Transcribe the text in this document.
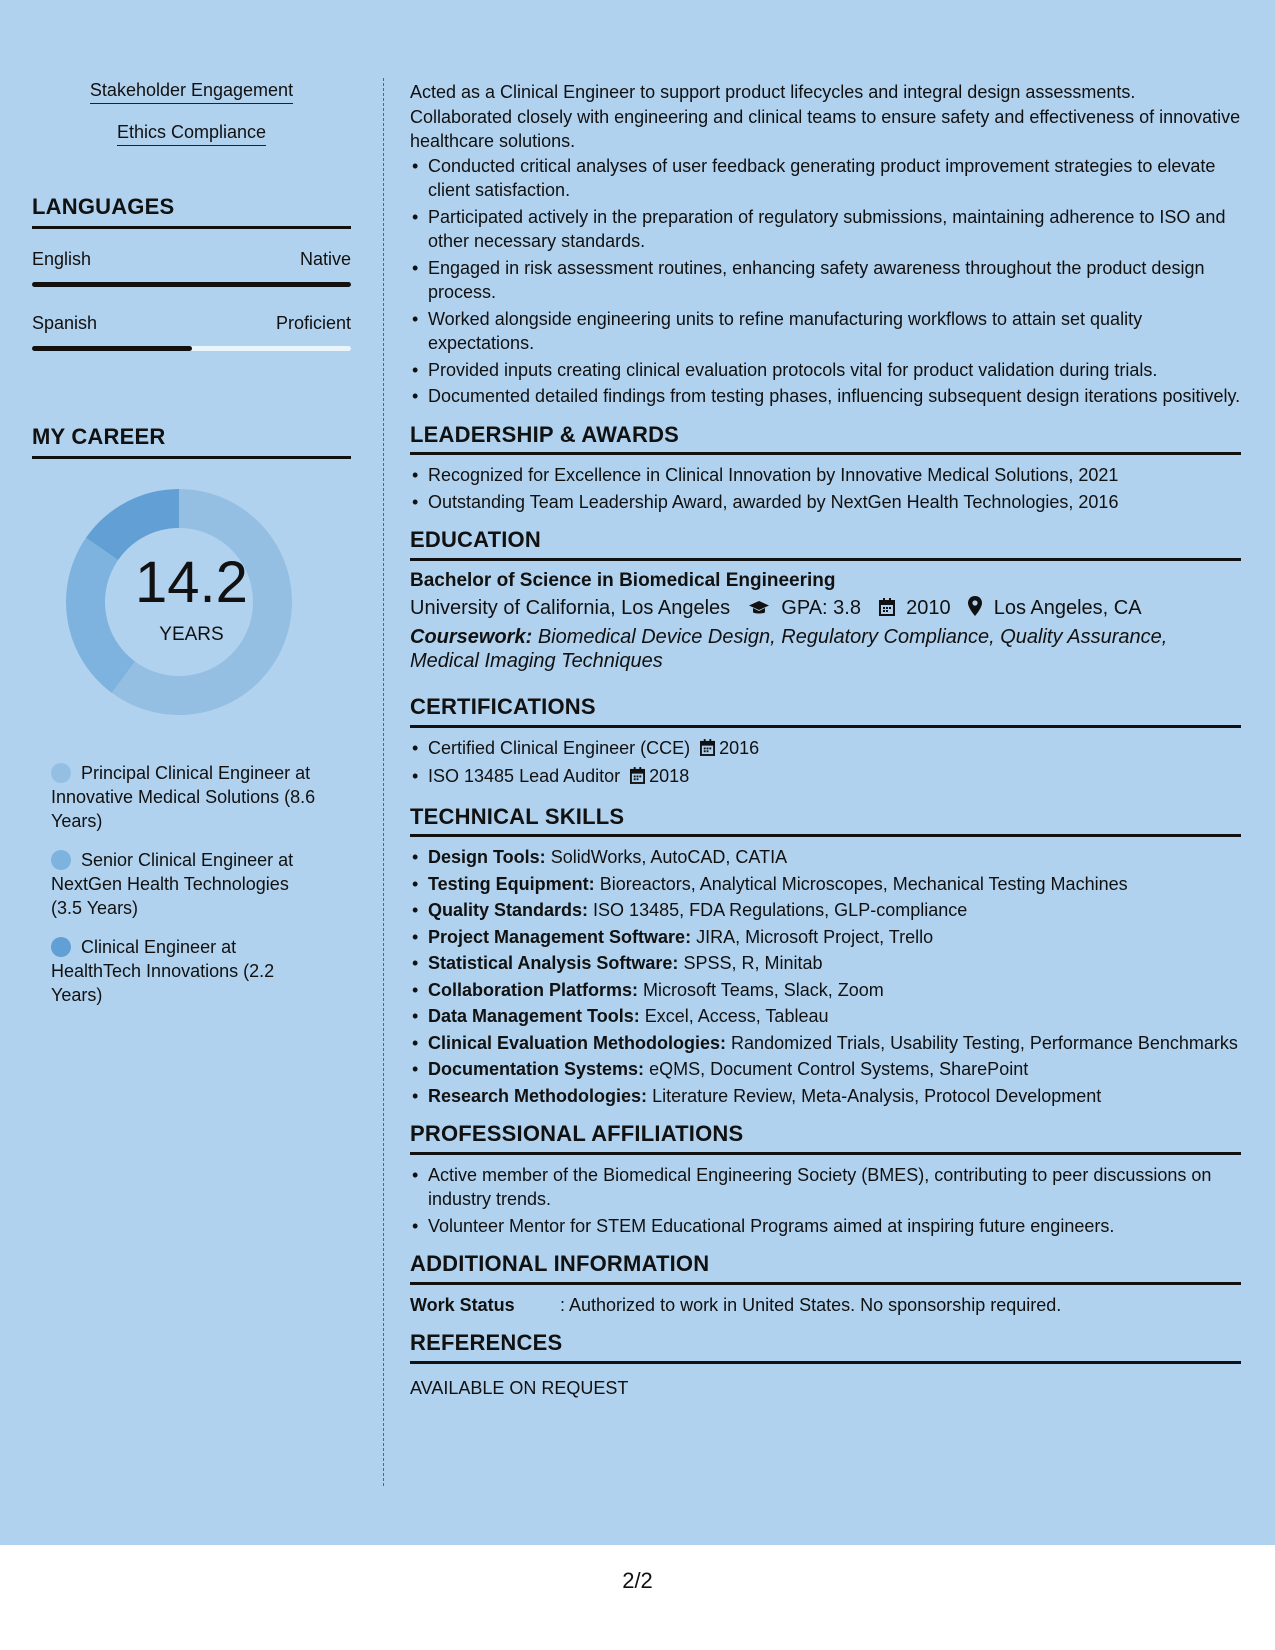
Stakeholder Engagement
Ethics Compliance
LANGUAGES
English	Native
Spanish	Proficient
MY CAREER
14.2
YEARS
Principal Clinical Engineer at Innovative Medical Solutions (8.6 Years)
Senior Clinical Engineer at NextGen Health Technologies (3.5 Years)
Clinical Engineer at HealthTech Innovations (2.2 Years)

Acted as a Clinical Engineer to support product lifecycles and integral design assessments. Collaborated closely with engineering and clinical teams to ensure safety and effectiveness of innovative healthcare solutions.

• Conducted critical analyses of user feedback generating product improvement strategies to elevate client satisfaction.
• Participated actively in the preparation of regulatory submissions, maintaining adherence to ISO and other necessary standards.
• Engaged in risk assessment routines, enhancing safety awareness throughout the product design process.
• Worked alongside engineering units to refine manufacturing workflows to attain set quality expectations.
• Provided inputs creating clinical evaluation protocols vital for product validation during trials.
• Documented detailed findings from testing phases, influencing subsequent design iterations positively.
LEADERSHIP & AWARDS
• Recognized for Excellence in Clinical Innovation by Innovative Medical Solutions, 2021
• Outstanding Team Leadership Award, awarded by NextGen Health Technologies, 2016
EDUCATION
Bachelor of Science in Biomedical Engineering
University of California, Los Angeles	GPA: 3.8 2010 Los Angeles, CA
Coursework: Biomedical Device Design, Regulatory Compliance, Quality Assurance, Medical Imaging Techniques
CERTIFICATIONS
• Certified Clinical Engineer (CCE) 2016
• ISO 13485 Lead Auditor 2018
TECHNICAL SKILLS
• Design Tools: SolidWorks, AutoCAD, CATIA
• Testing Equipment: Bioreactors, Analytical Microscopes, Mechanical Testing Machines
• Quality Standards: ISO 13485, FDA Regulations, GLP-compliance
• Project Management Software: JIRA, Microsoft Project, Trello
• Statistical Analysis Software: SPSS, R, Minitab
• Collaboration Platforms: Microsoft Teams, Slack, Zoom
• Data Management Tools: Excel, Access, Tableau
• Clinical Evaluation Methodologies: Randomized Trials, Usability Testing, Performance Benchmarks
• Documentation Systems: eQMS, Document Control Systems, SharePoint
• Research Methodologies: Literature Review, Meta-Analysis, Protocol Development
PROFESSIONAL AFFILIATIONS
• Active member of the Biomedical Engineering Society (BMES), contributing to peer discussions on industry trends.
• Volunteer Mentor for STEM Educational Programs aimed at inspiring future engineers.
ADDITIONAL INFORMATION
Work Status	: Authorized to work in United States. No sponsorship required.
REFERENCES
AVAILABLE ON REQUEST
2/2
